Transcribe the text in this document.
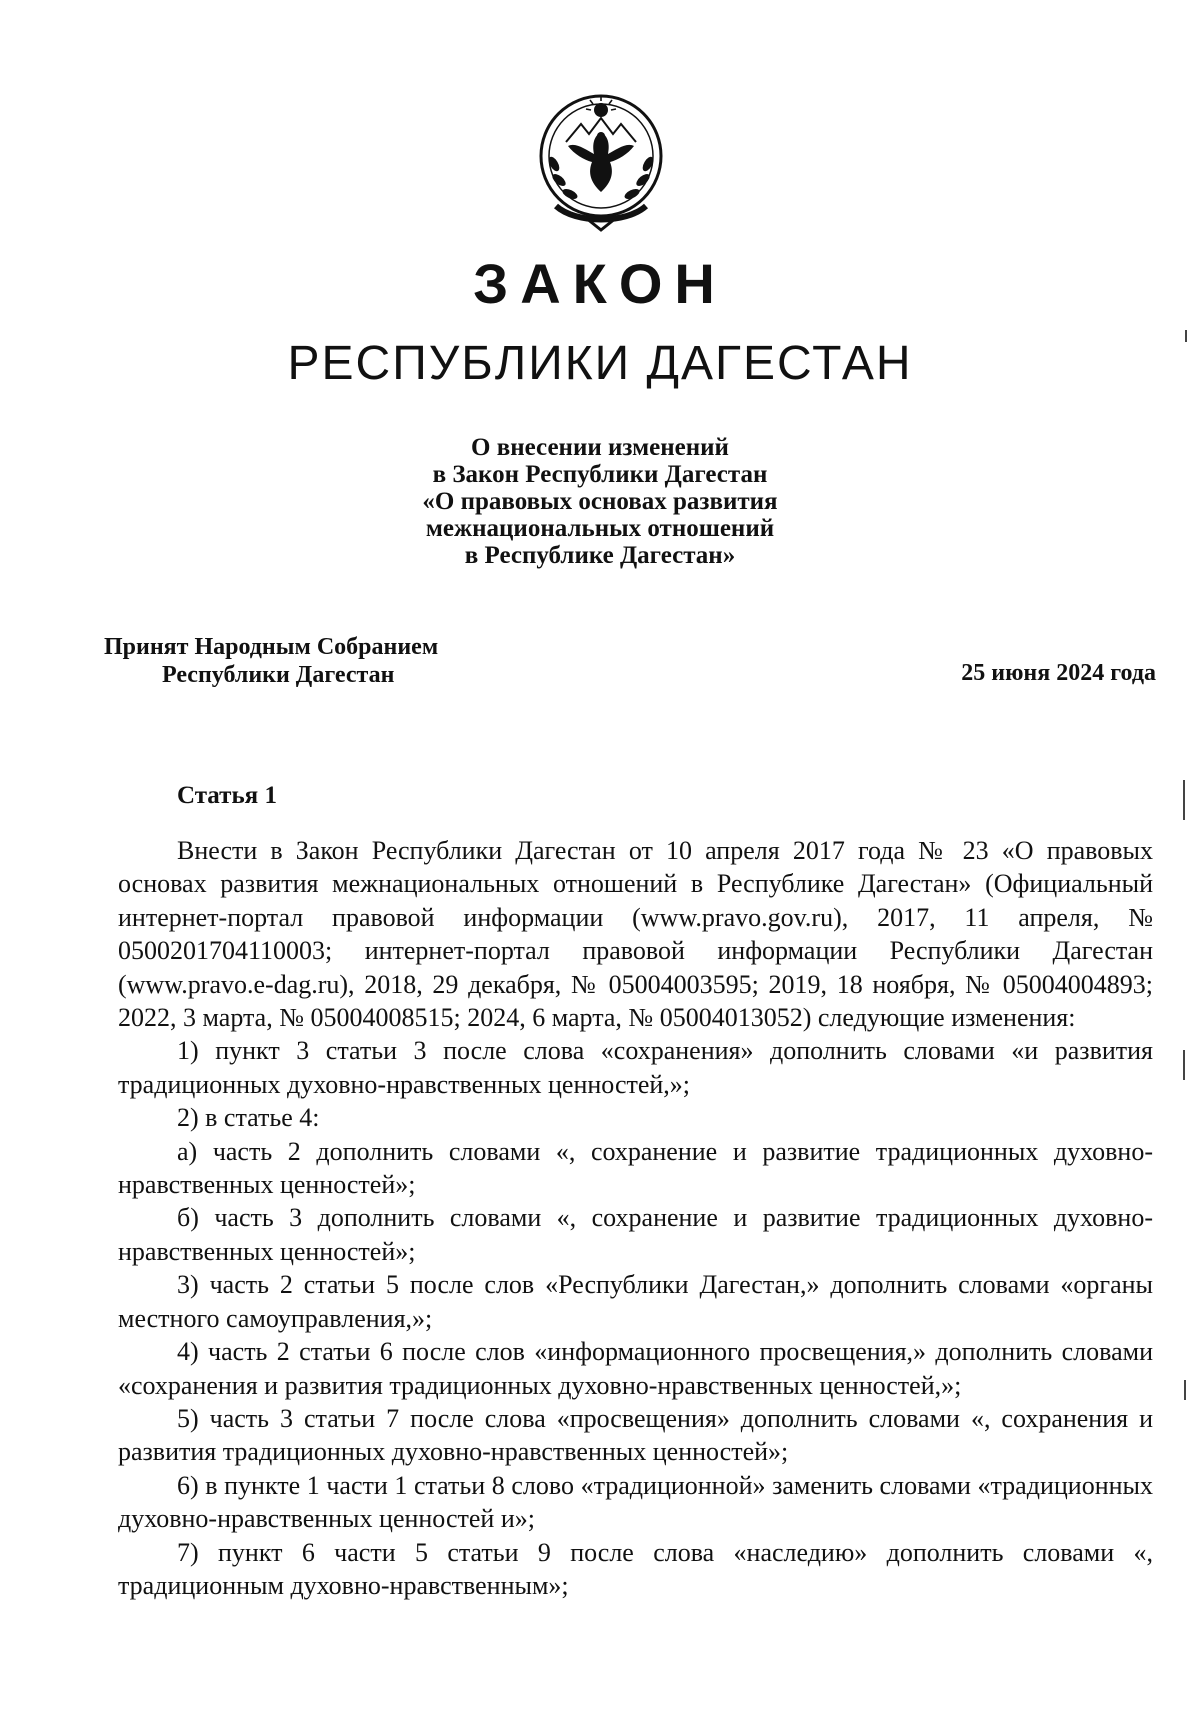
ЗАКОН
РЕСПУБЛИКИ ДАГЕСТАН
О внесении изменений
в Закон Республики Дагестан
«О правовых основах развития
межнациональных отношений
в Республике Дагестан»
Принят Народным Собранием
Республики Дагестан	25 июня 2024 года
Статья 1

Внести в Закон Республики Дагестан от 10 апреля 2017 года № 23 «О правовых основах развития межнациональных отношений в Республике Дагестан» (Официальный интернет-портал правовой информации (www.pravo.gov.ru), 2017, 11 апреля, № 0500201704110003; интернет-портал правовой информации Республики Дагестан (www.pravo.e-dag.ru), 2018, 29 декабря, № 05004003595; 2019, 18 ноября, № 05004004893; 2022, 3 марта, № 05004008515; 2024, 6 марта, № 05004013052) следующие изменения:

1) пункт 3 статьи 3 после слова «сохранения» дополнить словами «и развития традиционных духовно-нравственных ценностей,»;

2) в статье 4:

а) часть 2 дополнить словами «, сохранение и развитие традиционных духовно-нравственных ценностей»;

б) часть 3 дополнить словами «, сохранение и развитие традиционных духовно-нравственных ценностей»;

3) часть 2 статьи 5 после слов «Республики Дагестан,» дополнить словами «органы местного самоуправления,»;

4) часть 2 статьи 6 после слов «информационного просвещения,» дополнить словами «сохранения и развития традиционных духовно-нравственных ценностей,»;

5) часть 3 статьи 7 после слова «просвещения» дополнить словами «, сохранения и развития традиционных духовно-нравственных ценностей»;

6) в пункте 1 части 1 статьи 8 слово «традиционной» заменить словами «традиционных духовно-нравственных ценностей и»;

7) пункт 6 части 5 статьи 9 после слова «наследию» дополнить словами «, традиционным духовно-нравственным»;
